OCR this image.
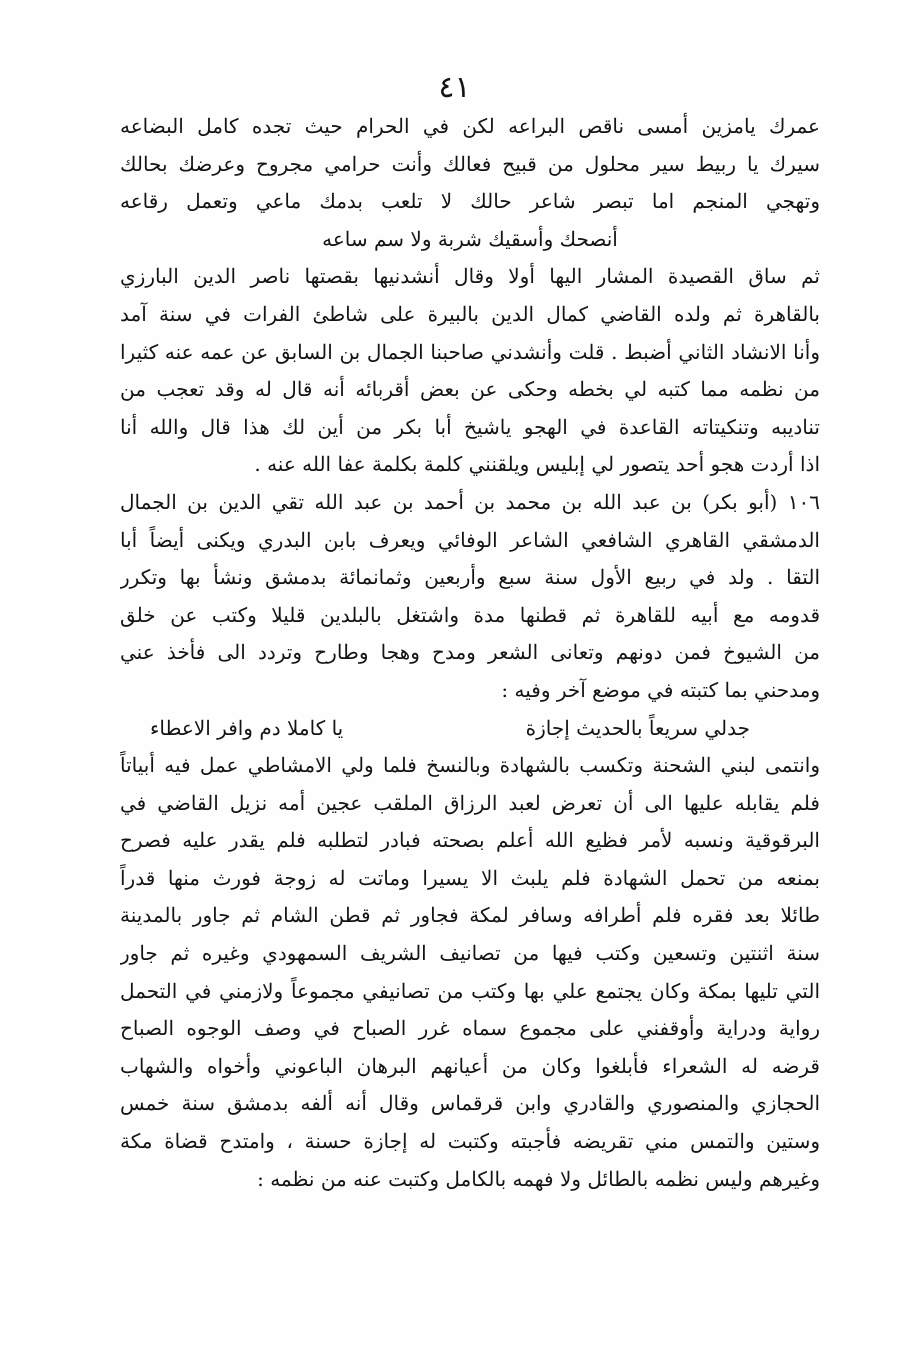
٤١
عمرك يامزين أمسى ناقص البراعه لكن في الحرام حيث تجده كامل البضاعه
سيرك يا ربيط سير محلول من قبيح فعالك وأنت حرامي مجروح وعرضك بحالك
وتهجي المنجم اما تبصر شاعر حالك لا تلعب بدمك ماعي وتعمل رقاعه
أنصحك وأسقيك شربة ولا سم ساعه
ثم ساق القصيدة المشار اليها أولا وقال أنشدنيها بقصتها ناصر الدين البارزي
بالقاهرة ثم ولده القاضي كمال الدين بالبيرة على شاطئ الفرات في سنة آمد
وأنا الانشاد الثاني أضبط . قلت وأنشدني صاحبنا الجمال بن السابق عن عمه عنه كثيرا
من نظمه مما كتبه لي بخطه وحكى عن بعض أقربائه أنه قال له وقد تعجب من
تناديبه وتنكيتاته القاعدة في الهجو ياشيخ أبا بكر من أين لك هذا قال والله أنا
اذا أردت هجو أحد يتصور لي إبليس ويلقنني كلمة بكلمة عفا الله عنه .
١٠٦ (أبو بكر) بن عبد الله بن محمد بن أحمد بن عبد الله تقي الدين بن الجمال
الدمشقي القاهري الشافعي الشاعر الوفائي ويعرف بابن البدري ويكنى أيضاً أبا
التقا . ولد في ربيع الأول سنة سبع وأربعين وثمانمائة بدمشق ونشأ بها وتكرر
قدومه مع أبيه للقاهرة ثم قطنها مدة واشتغل بالبلدين قليلا وكتب عن خلق
من الشيوخ فمن دونهم وتعانى الشعر ومدح وهجا وطارح وتردد الى فأخذ عني
ومدحني بما كتبته في موضع آخر وفيه :
جدلي سريعاً بالحديث إجازة
يا كاملا دم وافر الاعطاء
وانتمى لبني الشحنة وتكسب بالشهادة وبالنسخ فلما ولي الامشاطي عمل فيه أبياتاً
فلم يقابله عليها الى أن تعرض لعبد الرزاق الملقب عجين أمه نزيل القاضي في
البرقوقية ونسبه لأمر فظيع الله أعلم بصحته فبادر لتطلبه فلم يقدر عليه فصرح
بمنعه من تحمل الشهادة فلم يلبث الا يسيرا وماتت له زوجة فورث منها قدراً
طائلا بعد فقره فلم أطرافه وسافر لمكة فجاور ثم قطن الشام ثم جاور بالمدينة
سنة اثنتين وتسعين وكتب فيها من تصانيف الشريف السمهودي وغيره ثم جاور
التي تليها بمكة وكان يجتمع علي بها وكتب من تصانيفي مجموعاً ولازمني في التحمل
رواية ودراية وأوقفني على مجموع سماه غرر الصباح في وصف الوجوه الصباح
قرضه له الشعراء فأبلغوا وكان من أعيانهم البرهان الباعوني وأخواه والشهاب
الحجازي والمنصوري والقادري وابن قرقماس وقال أنه ألفه بدمشق سنة خمس
وستين والتمس مني تقريضه فأجبته وكتبت له إجازة حسنة ، وامتدح قضاة مكة
وغيرهم وليس نظمه بالطائل ولا فهمه بالكامل وكتبت عنه من نظمه :
